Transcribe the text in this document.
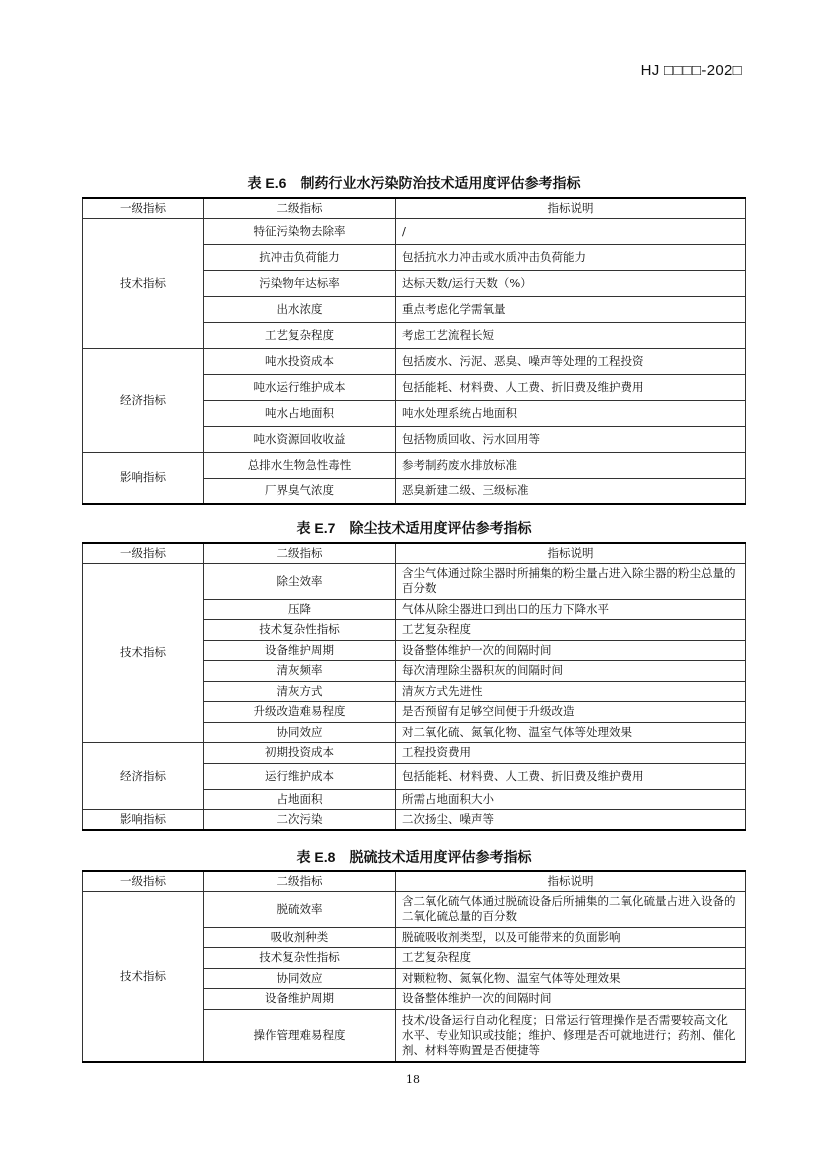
HJ □□□□-202□
表 E.6　制药行业水污染防治技术适用度评估参考指标
一级指标	二级指标	指标说明
技术指标	特征污染物去除率	/
	抗冲击负荷能力	包括抗水力冲击或水质冲击负荷能力
	污染物年达标率	达标天数/运行天数（%）
	出水浓度	重点考虑化学需氧量
	工艺复杂程度	考虑工艺流程长短
经济指标	吨水投资成本	包括废水、污泥、恶臭、噪声等处理的工程投资
	吨水运行维护成本	包括能耗、材料费、人工费、折旧费及维护费用
	吨水占地面积	吨水处理系统占地面积
	吨水资源回收收益	包括物质回收、污水回用等
影响指标	总排水生物急性毒性	参考制药废水排放标准
	厂界臭气浓度	恶臭新建二级、三级标准
表 E.7　除尘技术适用度评估参考指标
一级指标	二级指标	指标说明
技术指标	除尘效率	含尘气体通过除尘器时所捕集的粉尘量占进入除尘器的粉尘总量的百分数
	压降	气体从除尘器进口到出口的压力下降水平
	技术复杂性指标	工艺复杂程度
	设备维护周期	设备整体维护一次的间隔时间
	清灰频率	每次清理除尘器积灰的间隔时间
	清灰方式	清灰方式先进性
	升级改造难易程度	是否预留有足够空间便于升级改造
	协同效应	对二氧化硫、氮氧化物、温室气体等处理效果
经济指标	初期投资成本	工程投资费用
	运行维护成本	包括能耗、材料费、人工费、折旧费及维护费用
	占地面积	所需占地面积大小
影响指标	二次污染	二次扬尘、噪声等
表 E.8　脱硫技术适用度评估参考指标
一级指标	二级指标	指标说明
技术指标	脱硫效率	含二氧化硫气体通过脱硫设备后所捕集的二氧化硫量占进入设备的二氧化硫总量的百分数
	吸收剂种类	脱硫吸收剂类型，以及可能带来的负面影响
	技术复杂性指标	工艺复杂程度
	协同效应	对颗粒物、氮氧化物、温室气体等处理效果
	设备维护周期	设备整体维护一次的间隔时间
	操作管理难易程度	技术/设备运行自动化程度；日常运行管理操作是否需要较高文化水平、专业知识或技能；维护、修理是否可就地进行；药剂、催化剂、材料等购置是否便捷等
18
